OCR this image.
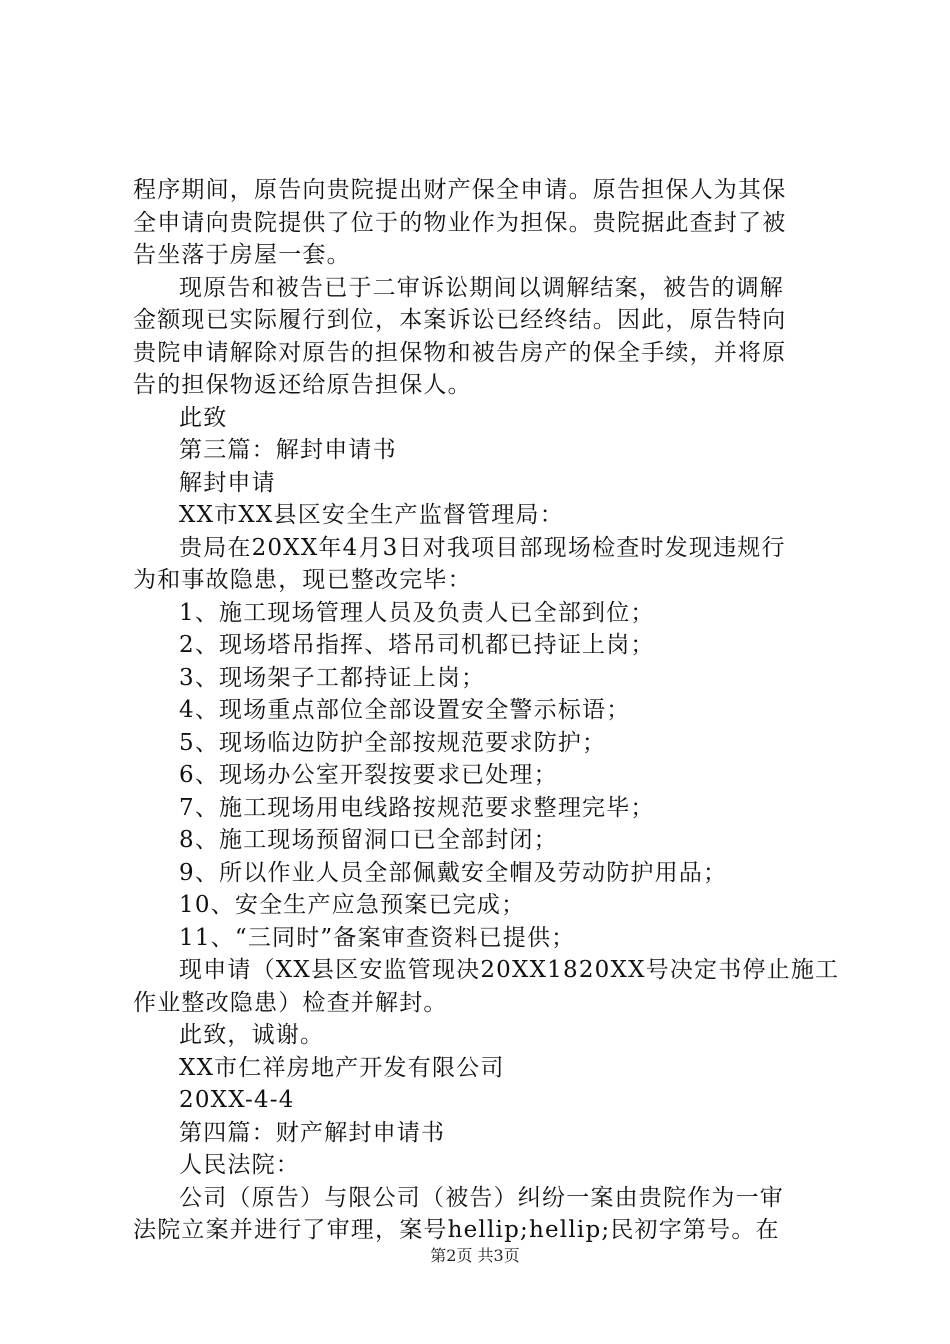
程序期间，原告向贵院提出财产保全申请。原告担保人为其保
全申请向贵院提供了位于的物业作为担保。贵院据此查封了被
告坐落于房屋一套。
现原告和被告已于二审诉讼期间以调解结案，被告的调解
金额现已实际履行到位，本案诉讼已经终结。因此，原告特向
贵院申请解除对原告的担保物和被告房产的保全手续，并将原
告的担保物返还给原告担保人。
此致
第三篇：解封申请书
解封申请
XX市XX县区安全生产监督管理局：
贵局在20XX年4月3日对我项目部现场检查时发现违规行
为和事故隐患，现已整改完毕：
1、施工现场管理人员及负责人已全部到位；
2、现场塔吊指挥、塔吊司机都已持证上岗；
3、现场架子工都持证上岗；
4、现场重点部位全部设置安全警示标语；
5、现场临边防护全部按规范要求防护；
6、现场办公室开裂按要求已处理；
7、施工现场用电线路按规范要求整理完毕；
8、施工现场预留洞口已全部封闭；
9、所以作业人员全部佩戴安全帽及劳动防护用品；
10、安全生产应急预案已完成；
11、“三同时”备案审查资料已提供；
现申请（XX县区安监管现决20XX1820XX号决定书停止施工
作业整改隐患）检查并解封。
此致，诚谢。
XX市仁祥房地产开发有限公司
20XX-4-4
第四篇：财产解封申请书
人民法院：
公司（原告）与限公司（被告）纠纷一案由贵院作为一审
法院立案并进行了审理，案号hellip;hellip;民初字第号。在
第2页 共3页
